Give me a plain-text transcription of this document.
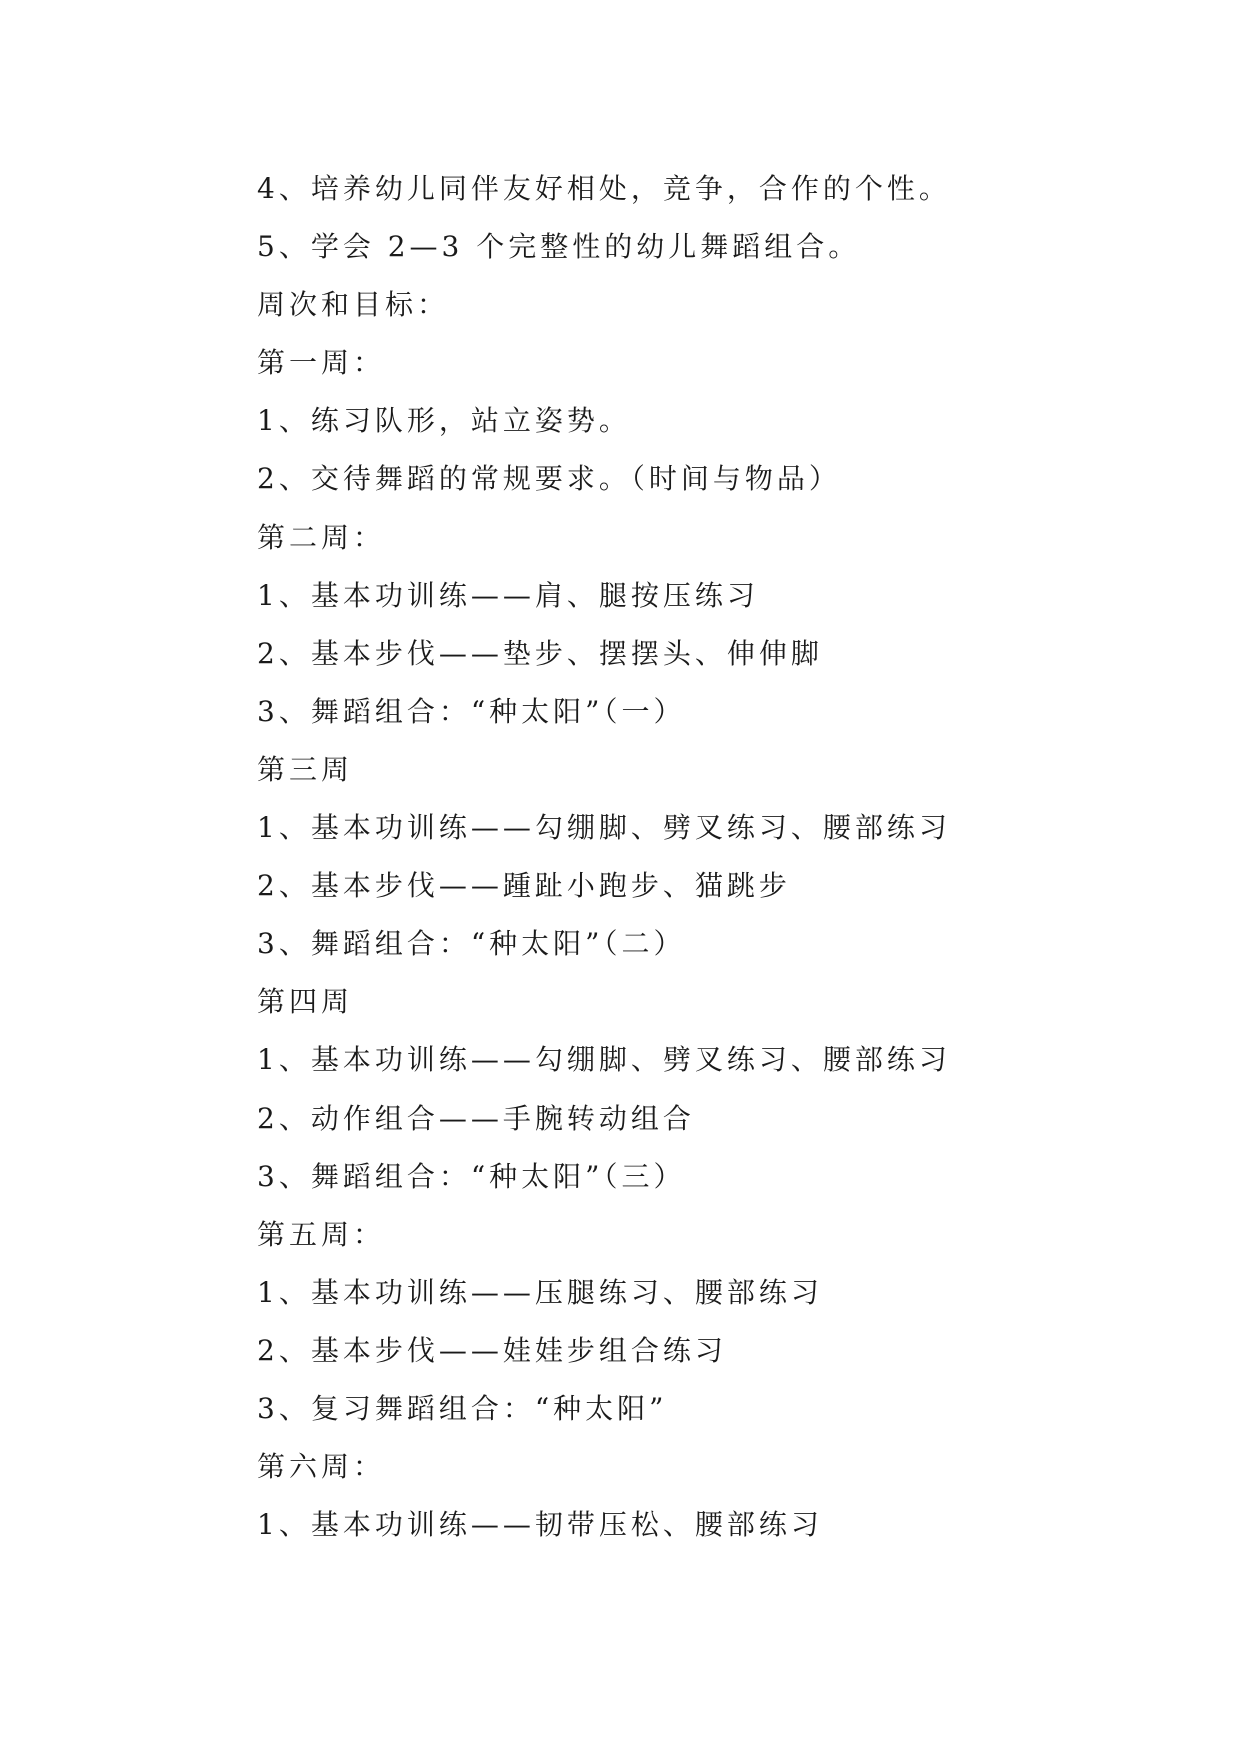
4、培养幼儿同伴友好相处，竞争，合作的个性。

5、学会 2—3 个完整性的幼儿舞蹈组合。

周次和目标：

第一周：

1、练习队形，站立姿势。

2、交待舞蹈的常规要求。（时间与物品）

第二周：

1、基本功训练——肩、腿按压练习

2、基本步伐——垫步、摆摆头、伸伸脚

3、舞蹈组合：“种太阳”（一）

第三周

1、基本功训练——勾绷脚、劈叉练习、腰部练习

2、基本步伐——踵趾小跑步、猫跳步

3、舞蹈组合：“种太阳”（二）

第四周

1、基本功训练——勾绷脚、劈叉练习、腰部练习

2、动作组合——手腕转动组合

3、舞蹈组合：“种太阳”（三）

第五周：

1、基本功训练——压腿练习、腰部练习

2、基本步伐——娃娃步组合练习

3、复习舞蹈组合：“种太阳”

第六周：

1、基本功训练——韧带压松、腰部练习
